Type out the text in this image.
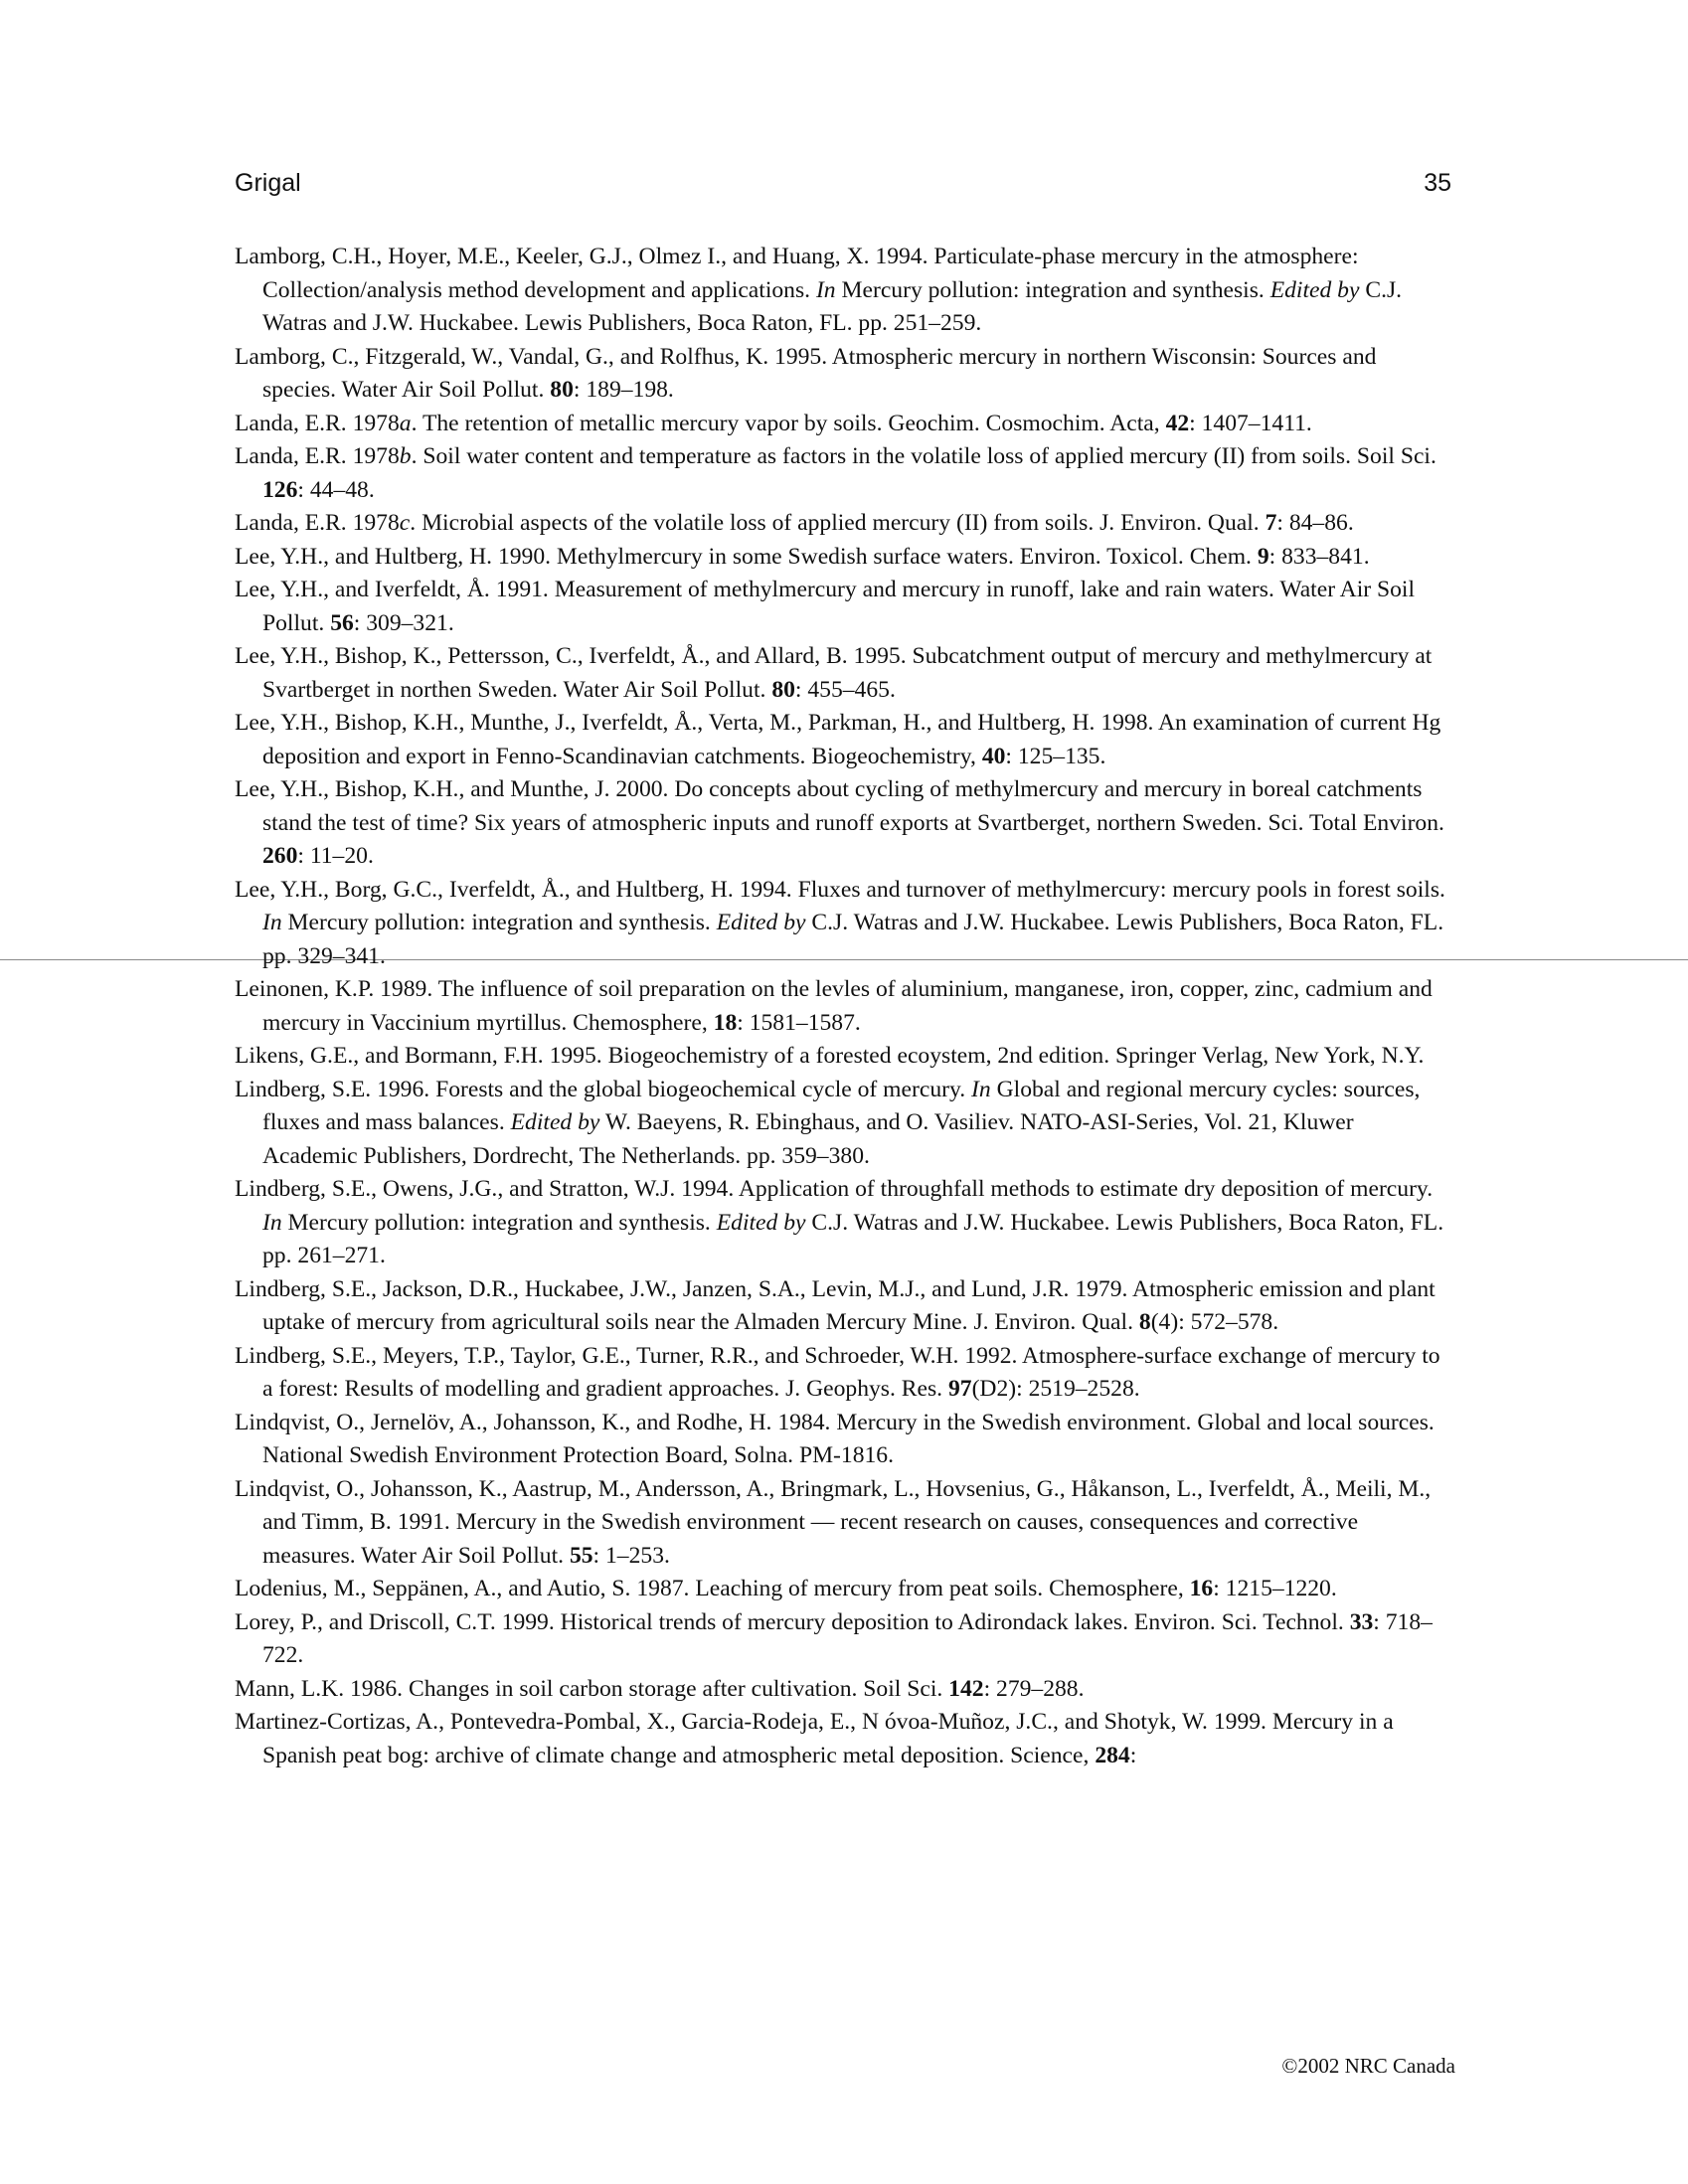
Grigal	35

Lamborg, C.H., Hoyer, M.E., Keeler, G.J., Olmez I., and Huang, X. 1994. Particulate-phase mercury in the atmosphere: Collection/analysis method development and applications. In Mercury pollution: integration and synthesis. Edited by C.J. Watras and J.W. Huckabee. Lewis Publishers, Boca Raton, FL. pp. 251–259.

Lamborg, C., Fitzgerald, W., Vandal, G., and Rolfhus, K. 1995. Atmospheric mercury in northern Wisconsin: Sources and species. Water Air Soil Pollut. 80: 189–198.

Landa, E.R. 1978a. The retention of metallic mercury vapor by soils. Geochim. Cosmochim. Acta, 42: 1407–1411.

Landa, E.R. 1978b. Soil water content and temperature as factors in the volatile loss of applied mercury (II) from soils. Soil Sci. 126: 44–48.

Landa, E.R. 1978c. Microbial aspects of the volatile loss of applied mercury (II) from soils. J. Environ. Qual. 7: 84–86.

Lee, Y.H., and Hultberg, H. 1990. Methylmercury in some Swedish surface waters. Environ. Toxicol. Chem. 9: 833–841.

Lee, Y.H., and Iverfeldt, Å. 1991. Measurement of methylmercury and mercury in runoff, lake and rain waters. Water Air Soil Pollut. 56: 309–321.

Lee, Y.H., Bishop, K., Pettersson, C., Iverfeldt, Å., and Allard, B. 1995. Subcatchment output of mercury and methylmercury at Svartberget in northen Sweden. Water Air Soil Pollut. 80: 455–465.

Lee, Y.H., Bishop, K.H., Munthe, J., Iverfeldt, Å., Verta, M., Parkman, H., and Hultberg, H. 1998. An examination of current Hg deposition and export in Fenno-Scandinavian catchments. Biogeochemistry, 40: 125–135.

Lee, Y.H., Bishop, K.H., and Munthe, J. 2000. Do concepts about cycling of methylmercury and mercury in boreal catchments stand the test of time? Six years of atmospheric inputs and runoff exports at Svartberget, northern Sweden. Sci. Total Environ. 260: 11–20.

Lee, Y.H., Borg, G.C., Iverfeldt, Å., and Hultberg, H. 1994. Fluxes and turnover of methylmercury: mercury pools in forest soils. In Mercury pollution: integration and synthesis. Edited by C.J. Watras and J.W. Huckabee. Lewis Publishers, Boca Raton, FL. pp. 329–341.

Leinonen, K.P. 1989. The influence of soil preparation on the levles of aluminium, manganese, iron, copper, zinc, cadmium and mercury in Vaccinium myrtillus. Chemosphere, 18: 1581–1587.

Likens, G.E., and Bormann, F.H. 1995. Biogeochemistry of a forested ecoystem, 2nd edition. Springer Verlag, New York, N.Y.

Lindberg, S.E. 1996. Forests and the global biogeochemical cycle of mercury. In Global and regional mercury cycles: sources, fluxes and mass balances. Edited by W. Baeyens, R. Ebinghaus, and O. Vasiliev. NATO-ASI-Series, Vol. 21, Kluwer Academic Publishers, Dordrecht, The Netherlands. pp. 359–380.

Lindberg, S.E., Owens, J.G., and Stratton, W.J. 1994. Application of throughfall methods to estimate dry deposition of mercury. In Mercury pollution: integration and synthesis. Edited by C.J. Watras and J.W. Huckabee. Lewis Publishers, Boca Raton, FL. pp. 261–271.

Lindberg, S.E., Jackson, D.R., Huckabee, J.W., Janzen, S.A., Levin, M.J., and Lund, J.R. 1979. Atmospheric emission and plant uptake of mercury from agricultural soils near the Almaden Mercury Mine. J. Environ. Qual. 8(4): 572–578.

Lindberg, S.E., Meyers, T.P., Taylor, G.E., Turner, R.R., and Schroeder, W.H. 1992. Atmosphere-surface exchange of mercury to a forest: Results of modelling and gradient approaches. J. Geophys. Res. 97(D2): 2519–2528.

Lindqvist, O., Jernelöv, A., Johansson, K., and Rodhe, H. 1984. Mercury in the Swedish environment. Global and local sources. National Swedish Environment Protection Board, Solna. PM-1816.

Lindqvist, O., Johansson, K., Aastrup, M., Andersson, A., Bringmark, L., Hovsenius, G., Håkanson, L., Iverfeldt, Å., Meili, M., and Timm, B. 1991. Mercury in the Swedish environment — recent research on causes, consequences and corrective measures. Water Air Soil Pollut. 55: 1–253.

Lodenius, M., Seppänen, A., and Autio, S. 1987. Leaching of mercury from peat soils. Chemosphere, 16: 1215–1220.

Lorey, P., and Driscoll, C.T. 1999. Historical trends of mercury deposition to Adirondack lakes. Environ. Sci. Technol. 33: 718–722.

Mann, L.K. 1986. Changes in soil carbon storage after cultivation. Soil Sci. 142: 279–288.

Martinez-Cortizas, A., Pontevedra-Pombal, X., Garcia-Rodeja, E., N óvoa-Muñoz, J.C., and Shotyk, W. 1999. Mercury in a Spanish peat bog: archive of climate change and atmospheric metal deposition. Science, 284:

©2002 NRC Canada
